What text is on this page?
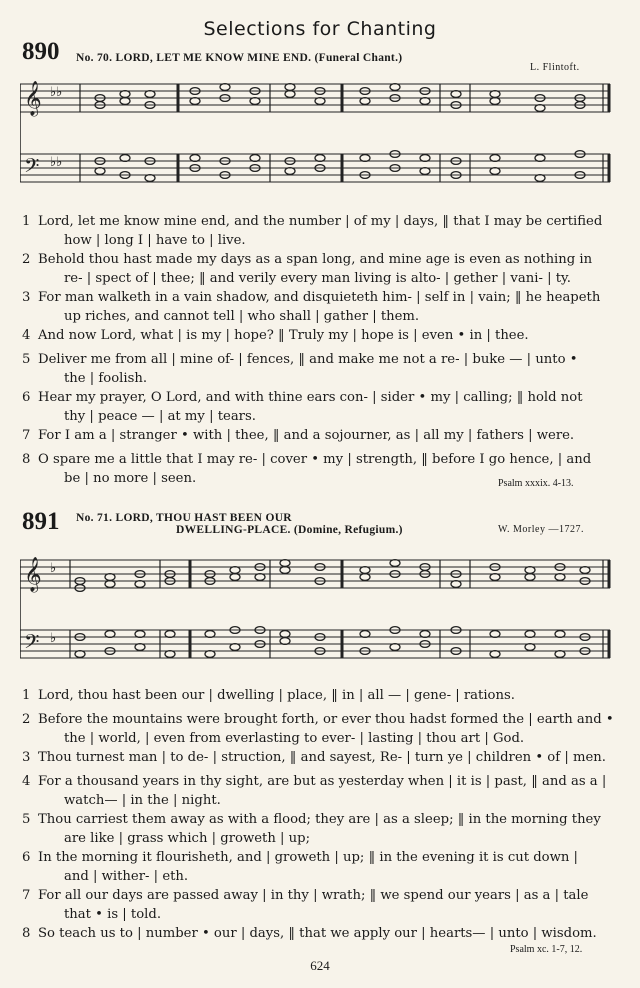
Selections for Chanting
890 No. 70. LORD, LET ME KNOW MINE END. (Funeral Chant.)
L. Flintoft.
𝄞
𝄢
♭♭
♭♭
1 Lord, let me know mine end, and the number | of my | days, ‖ that I may be certified
how | long I | have to | live.
2 Behold thou hast made my days as a span long, and mine age is even as nothing in
re- | spect of | thee; ‖ and verily every man living is alto- | gether | vani- | ty.
3 For man walketh in a vain shadow, and disquieteth him- | self in | vain; ‖ he heapeth
up riches, and cannot tell | who shall | gather | them.
4 And now Lord, what | is my | hope? ‖ Truly my | hope is | even • in | thee.
5 Deliver me from all | mine of- | fences, ‖ and make me not a re- | buke — | unto •
the | foolish.
6 Hear my prayer, O Lord, and with thine ears con- | sider • my | calling; ‖ hold not
thy | peace — | at my | tears.
7 For I am a | stranger • with | thee, ‖ and a sojourner, as | all my | fathers | were.
8 O spare me a little that I may re- | cover • my | strength, ‖ before I go hence, | and
be | no more | seen.	Psalm xxxix. 4-13.
891 No. 71. LORD, THOU HAST BEEN OUR
DWELLING-PLACE. (Domine, Refugium.)	W. Morley —1727.
𝄞
𝄢
♭
♭
1 Lord, thou hast been our | dwelling | place, ‖ in | all — | gene- | rations.
2 Before the mountains were brought forth, or ever thou hadst formed the | earth and •
the | world, | even from everlasting to ever- | lasting | thou art | God.
3 Thou turnest man | to de- | struction, ‖ and sayest, Re- | turn ye | children • of | men.
4 For a thousand years in thy sight, are but as yesterday when | it is | past, ‖ and as a |
watch— | in the | night.
5 Thou carriest them away as with a flood; they are | as a sleep; ‖ in the morning they
are like | grass which | groweth | up;
6 In the morning it flourisheth, and | groweth | up; ‖ in the evening it is cut down |
and | wither- | eth.
7 For all our days are passed away | in thy | wrath; ‖ we spend our years | as a | tale
that • is | told.
8 So teach us to | number • our | days, ‖ that we apply our | hearts— | unto | wisdom.
Psalm xc. 1-7, 12.
624
